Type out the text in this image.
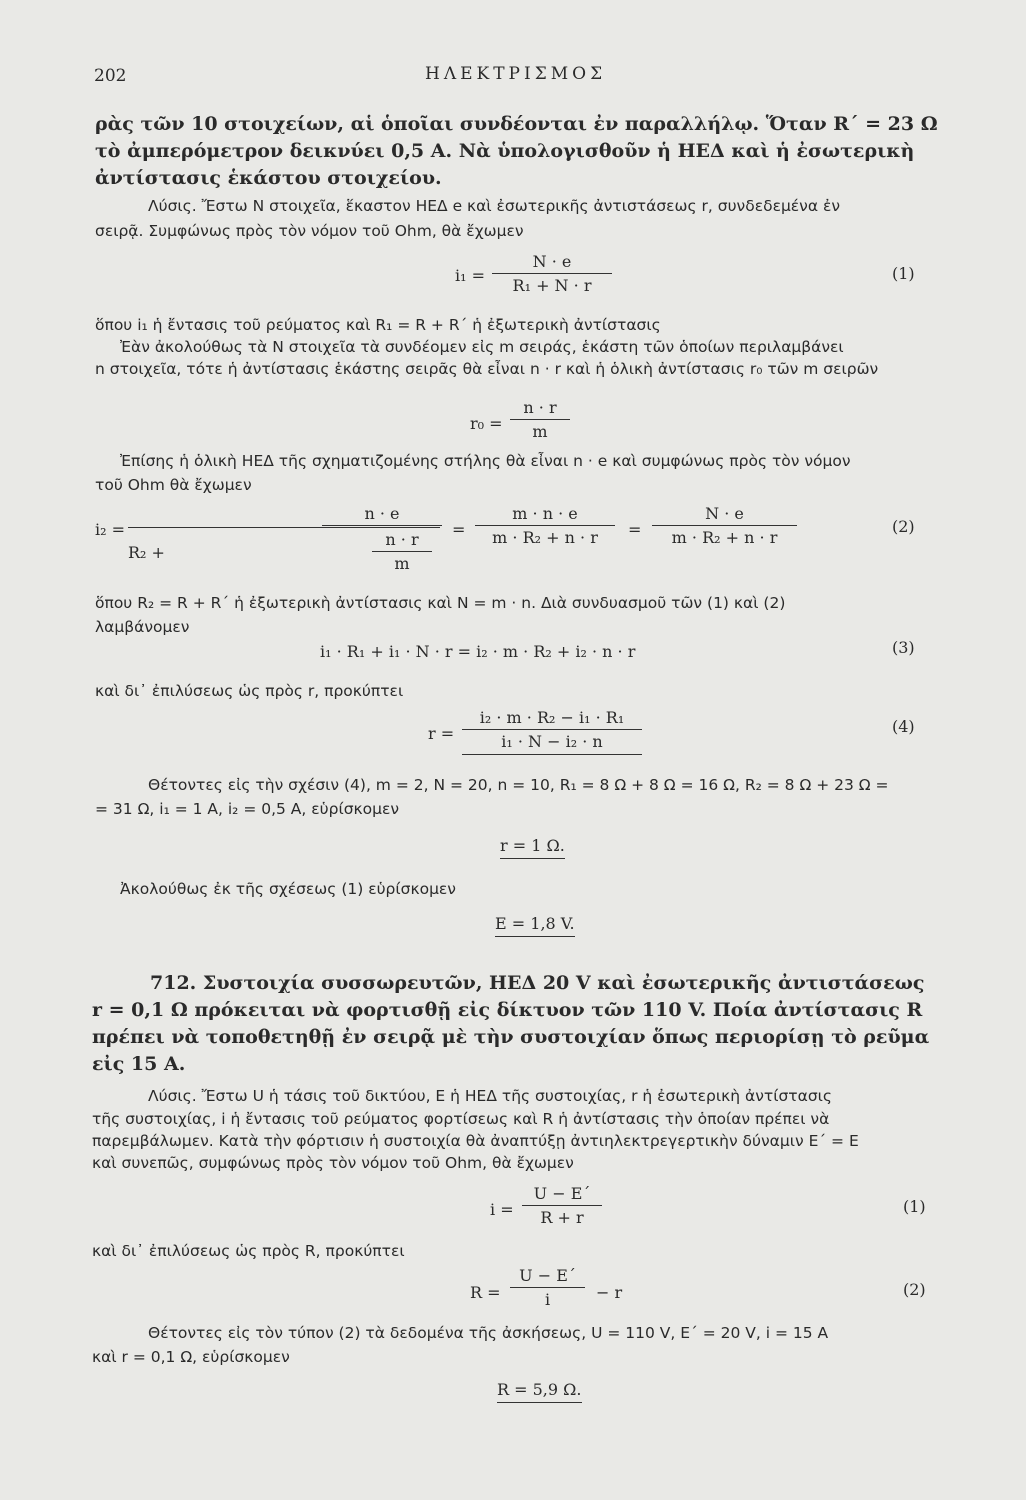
202	ΗΛΕΚΤΡΙΣΜΟΣ
ρὰς τῶν 10 στοιχείων, αἱ ὁποῖαι συνδέονται ἐν παραλλήλῳ. Ὅταν R΄ = 23 Ω
τὸ ἀμπερόμετρον δεικνύει 0,5 Α. Νὰ ὑπολογισθοῦν ἡ ΗΕΔ καὶ ἡ ἐσωτερικὴ
ἀντίστασις ἑκάστου στοιχείου.
Λύσις. Ἔστω Ν στοιχεῖα, ἕκαστον ΗΕΔ e καὶ ἐσωτερικῆς ἀντιστάσεως r, συνδεδεμένα ἐν
σειρᾷ. Συμφώνως πρὸς τὸν νόμον τοῦ Ohm, θὰ ἔχωμεν
$i_1 = \frac{N \cdot e}{\text{R₁ + N · r}}$	(1)
ὅπου i₁ ἡ ἔντασις τοῦ ρεύματος καὶ R₁ = R + R΄ ἡ ἐξωτερικὴ ἀντίστασις
Ἐὰν ἀκολούθως τὰ Ν στοιχεῖα τὰ συνδέομεν εἰς m σειράς, ἑκάστη τῶν ὁποίων περιλαμβάνει
n στοιχεῖα, τότε ἡ ἀντίστασις ἑκάστης σειρᾶς θὰ εἶναι n · r καὶ ἡ ὁλικὴ ἀντίστασις r₀ τῶν m σειρῶν
$r_0 = \frac{n \cdot r}{m}$
Ἐπίσης ἡ ὁλικὴ ΗΕΔ τῆς σχηματιζομένης στήλης θὰ εἶναι n · e καὶ συμφώνως πρὸς τὸν νόμον
τοῦ Ohm θὰ ἔχωμεν
i₂ =
n · e
R₂ +	$\frac{n \cdot r}{m}$
= $\frac{m \cdot n \cdot e}{\text{m · R₂ + n · r}} = \frac{N \cdot e}{\text{m · R₂ + n · r}}$	(2)
ὅπου R₂ = R + R΄ ἡ ἐξωτερικὴ ἀντίστασις καὶ Ν = m · n. Διὰ συνδυασμοῦ τῶν (1) καὶ (2)
λαμβάνομεν
i₁ · R₁ + i₁ · N · r = i₂ · m · R₂ + i₂ · n · r	(3)
καὶ δι᾿ ἐπιλύσεως ὡς πρὸς r, προκύπτει
$r = \frac{\text{i₂ · m · R₂ − i₁ · R₁}}{\text{i₁ · N − i₂ · n}}$	(4)
Θέτοντες εἰς τὴν σχέσιν (4), m = 2, N = 20, n = 10, R₁ = 8 Ω + 8 Ω = 16 Ω, R₂ = 8 Ω + 23 Ω =
= 31 Ω, i₁ = 1 A, i₂ = 0,5 A, εὑρίσκομεν
r = 1 Ω.
Ἀκολούθως ἐκ τῆς σχέσεως (1) εὑρίσκομεν
E = 1,8 V.
712. Συστοιχία συσσωρευτῶν, ΗΕΔ 20 V καὶ ἐσωτερικῆς ἀντιστάσεως
r = 0,1 Ω πρόκειται νὰ φορτισθῇ εἰς δίκτυον τῶν 110 V. Ποία ἀντίστασις R
πρέπει νὰ τοποθετηθῇ ἐν σειρᾷ μὲ τὴν συστοιχίαν ὅπως περιορίσῃ τὸ ρεῦμα
εἰς 15 Α.
Λύσις. Ἔστω U ἡ τάσις τοῦ δικτύου, Ε ἡ ΗΕΔ τῆς συστοιχίας, r ἡ ἐσωτερικὴ ἀντίστασις
τῆς συστοιχίας, i ἡ ἔντασις τοῦ ρεύματος φορτίσεως καὶ R ἡ ἀντίστασις τὴν ὁποίαν πρέπει νὰ
παρεμβάλωμεν. Κατὰ τὴν φόρτισιν ἡ συστοιχία θὰ ἀναπτύξῃ ἀντιηλεκτρεγερτικὴν δύναμιν Ε΄ = Ε
καὶ συνεπῶς, συμφώνως πρὸς τὸν νόμον τοῦ Ohm, θὰ ἔχωμεν
$i = \frac{U - E΄}{R + r}$	(1)
καὶ δι᾿ ἐπιλύσεως ὡς πρὸς R, προκύπτει
$R = \frac{U - E΄}{i} - r$	(2)
Θέτοντες εἰς τὸν τύπον (2) τὰ δεδομένα τῆς ἀσκήσεως, U = 110 V, E΄ = 20 V, i = 15 A
καὶ r = 0,1 Ω, εὑρίσκομεν
R = 5,9 Ω.
